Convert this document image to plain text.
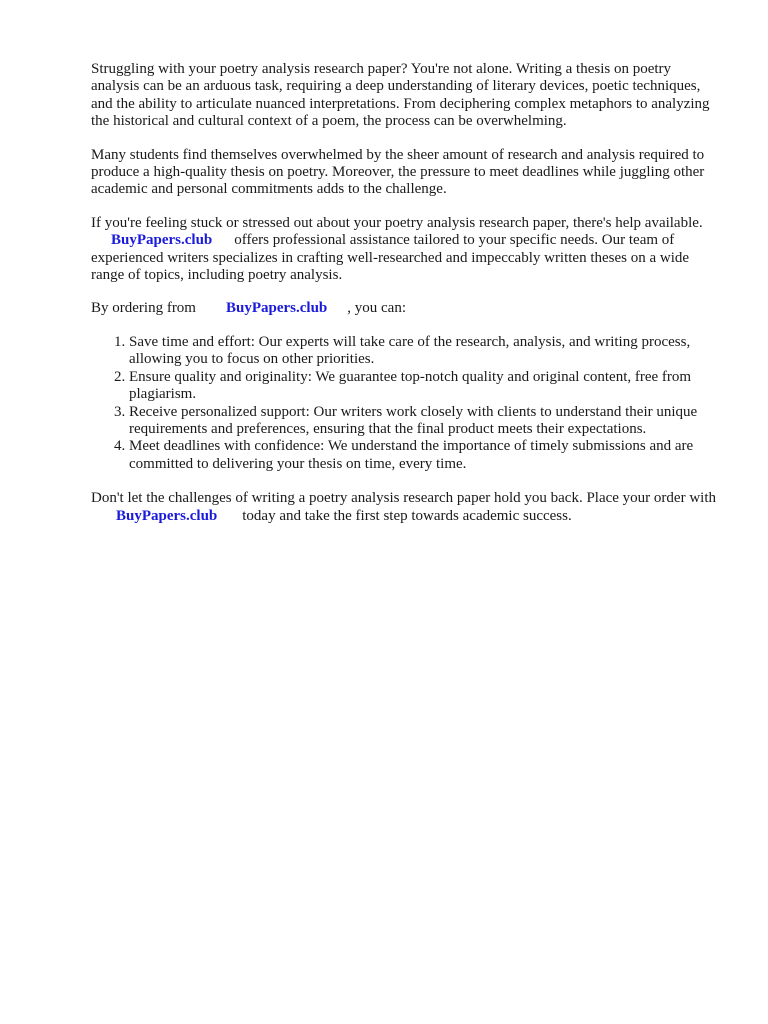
Struggling with your poetry analysis research paper? You're not alone. Writing a thesis on poetry analysis can be an arduous task, requiring a deep understanding of literary devices, poetic techniques, and the ability to articulate nuanced interpretations. From deciphering complex metaphors to analyzing the historical and cultural context of a poem, the process can be overwhelming.

Many students find themselves overwhelmed by the sheer amount of research and analysis required to produce a high-quality thesis on poetry. Moreover, the pressure to meet deadlines while juggling other academic and personal commitments adds to the challenge.

If you're feeling stuck or stressed out about your poetry analysis research paper, there's help available.BuyPapers.club offers professional assistance tailored to your specific needs. Our team of experienced writers specializes in crafting well-researched and impeccably written theses on a wide range of topics, including poetry analysis.

By ordering from BuyPapers.club , you can:

1. Save time and effort: Our experts will take care of the research, analysis, and writing process, allowing you to focus on other priorities.
2. Ensure quality and originality: We guarantee top-notch quality and original content, free from plagiarism.
3. Receive personalized support: Our writers work closely with clients to understand their unique requirements and preferences, ensuring that the final product meets their expectations.
4. Meet deadlines with confidence: We understand the importance of timely submissions and are committed to delivering your thesis on time, every time.

Don't let the challenges of writing a poetry analysis research paper hold you back. Place your order withBuyPapers.club today and take the first step towards academic success.
